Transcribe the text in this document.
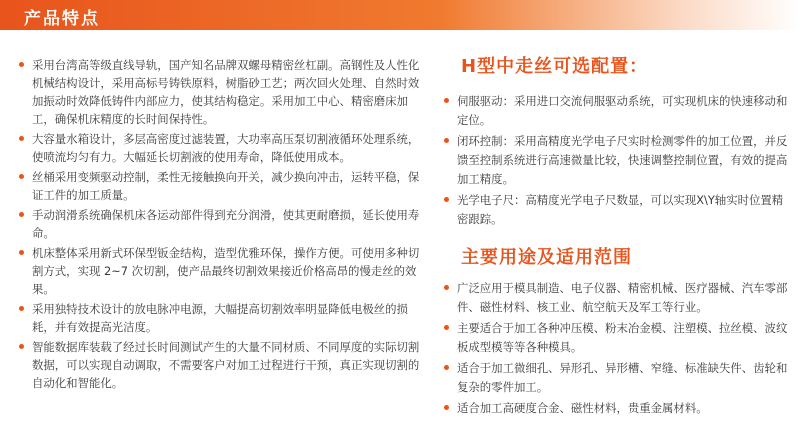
产品特点
采用台湾高等级直线导轨，国产知名品牌双螺母精密丝杠副。高钢性及人性化机械结构设计，采用高标号铸铁原料，树脂砂工艺；两次回火处理、自然时效加振动时效降低铸件内部应力，使其结构稳定。采用加工中心、精密磨床加工，确保机床精度的长时间保持性。
大容量水箱设计，多层高密度过滤装置，大功率高压泵切割液循环处理系统，使喷流均匀有力。大幅延长切割液的使用寿命，降低使用成本。
丝桶采用变频驱动控制，柔性无接触换向开关，减少换向冲击，运转平稳，保证工件的加工质量。
手动润滑系统确保机床各运动部件得到充分润滑，使其更耐磨损，延长使用寿命。
机床整体采用新式环保型钣金结构，造型优雅环保，操作方便。可使用多种切割方式，实现 2~7 次切割，使产品最终切割效果接近价格高昂的慢走丝的效果。
采用独特技术设计的放电脉冲电源，大幅提高切割效率明显降低电极丝的损耗，并有效提高光洁度。
智能数据库装载了经过长时间测试产生的大量不同材质、不同厚度的实际切割数据，可以实现自动调取，不需要客户对加工过程进行干预，真正实现切割的自动化和智能化。
H型中走丝可选配置：
伺服驱动：采用进口交流伺服驱动系统，可实现机床的快速移动和定位。
闭环控制：采用高精度光学电子尺实时检测零件的加工位置，并反馈至控制系统进行高速微量比较，快速调整控制位置，有效的提高加工精度。
光学电子尺：高精度光学电子尺数显，可以实现X\Y轴实时位置精密跟踪。
主要用途及适用范围
广泛应用于模具制造、电子仪器、精密机械、医疗器械、汽车零部件、磁性材料、核工业、航空航天及军工等行业。
主要适合于加工各种冲压模、粉末冶金模、注塑模、拉丝模、波纹板成型模等等各种模具。
适合于加工微细孔、异形孔、异形槽、窄缝、标准缺失件、齿轮和复杂的零件加工。
适合加工高硬度合金、磁性材料，贵重金属材料。
